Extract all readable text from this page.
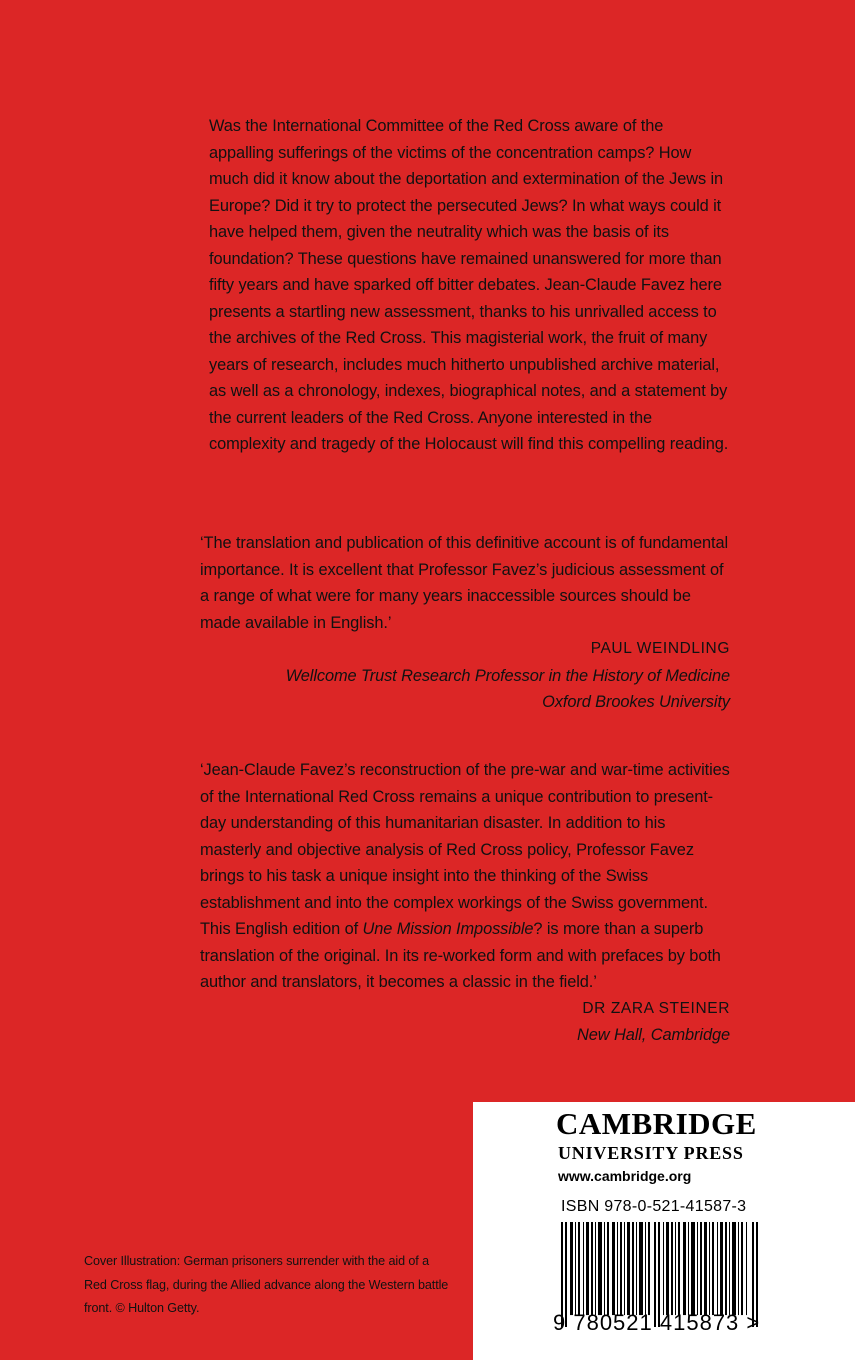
Was the International Committee of the Red Cross aware of the appalling sufferings of the victims of the concentration camps? How much did it know about the deportation and extermination of the Jews in Europe? Did it try to protect the persecuted Jews? In what ways could it have helped them, given the neutrality which was the basis of its foundation? These questions have remained unanswered for more than fifty years and have sparked off bitter debates. Jean-Claude Favez here presents a startling new assessment, thanks to his unrivalled access to the archives of the Red Cross. This magisterial work, the fruit of many years of research, includes much hitherto unpublished archive material, as well as a chronology, indexes, biographical notes, and a statement by the current leaders of the Red Cross. Anyone interested in the complexity and tragedy of the Holocaust will find this compelling reading.

‘The translation and publication of this definitive account is of fundamental importance. It is excellent that Professor Favez’s judicious assessment of a range of what were for many years inaccessible sources should be made available in English.’

PAUL WEINDLING
Wellcome Trust Research Professor in the History of Medicine
Oxford Brookes University

‘Jean-Claude Favez’s reconstruction of the pre-war and war-time activities of the International Red Cross remains a unique contribution to present-day understanding of this humanitarian disaster. In addition to his masterly and objective analysis of Red Cross policy, Professor Favez brings to his task a unique insight into the thinking of the Swiss establishment and into the complex workings of the Swiss government. This English edition of Une Mission Impossible? is more than a superb translation of the original. In its re-worked form and with prefaces by both author and translators, it becomes a classic in the field.’

DR ZARA STEINER
New Hall, Cambridge
Cover Illustration: German prisoners surrender with the aid of a Red Cross flag, during the Allied advance along the Western battle front. © Hulton Getty.
CAMBRIDGE
UNIVERSITY PRESS
www.cambridge.org
ISBN 978-0-521-41587-3
9 780521 415873 >
